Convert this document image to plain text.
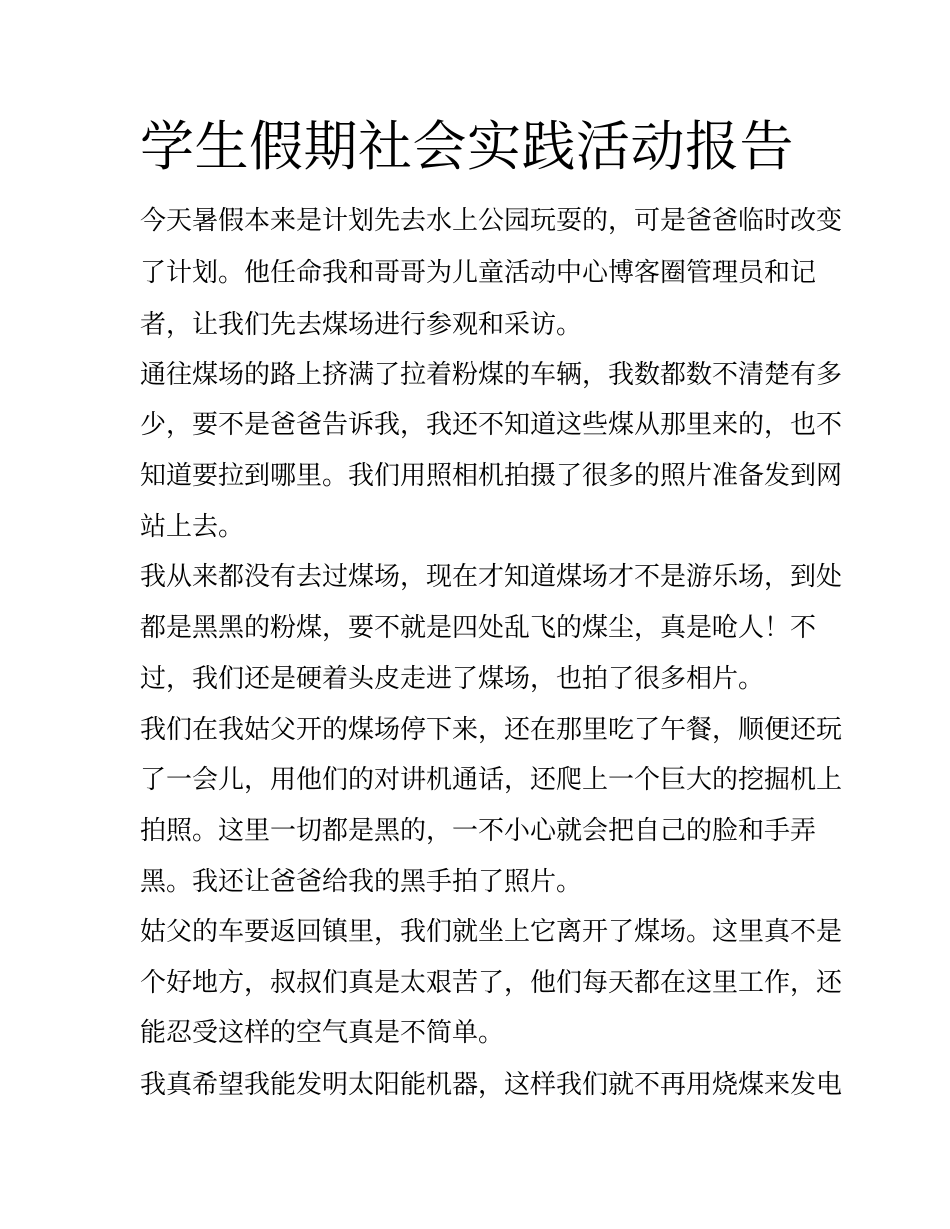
学生假期社会实践活动报告

今天暑假本来是计划先去水上公园玩耍的，可是爸爸临时改变

了计划。他任命我和哥哥为儿童活动中心博客圈管理员和记

者，让我们先去煤场进行参观和采访。

通往煤场的路上挤满了拉着粉煤的车辆，我数都数不清楚有多

少，要不是爸爸告诉我，我还不知道这些煤从那里来的，也不

知道要拉到哪里。我们用照相机拍摄了很多的照片准备发到网

站上去。

我从来都没有去过煤场，现在才知道煤场才不是游乐场，到处

都是黑黑的粉煤，要不就是四处乱飞的煤尘，真是呛人！不

过，我们还是硬着头皮走进了煤场，也拍了很多相片。

我们在我姑父开的煤场停下来，还在那里吃了午餐，顺便还玩

了一会儿，用他们的对讲机通话，还爬上一个巨大的挖掘机上

拍照。这里一切都是黑的，一不小心就会把自己的脸和手弄

黑。我还让爸爸给我的黑手拍了照片。

姑父的车要返回镇里，我们就坐上它离开了煤场。这里真不是

个好地方，叔叔们真是太艰苦了，他们每天都在这里工作，还

能忍受这样的空气真是不简单。

我真希望我能发明太阳能机器，这样我们就不再用烧煤来发电
